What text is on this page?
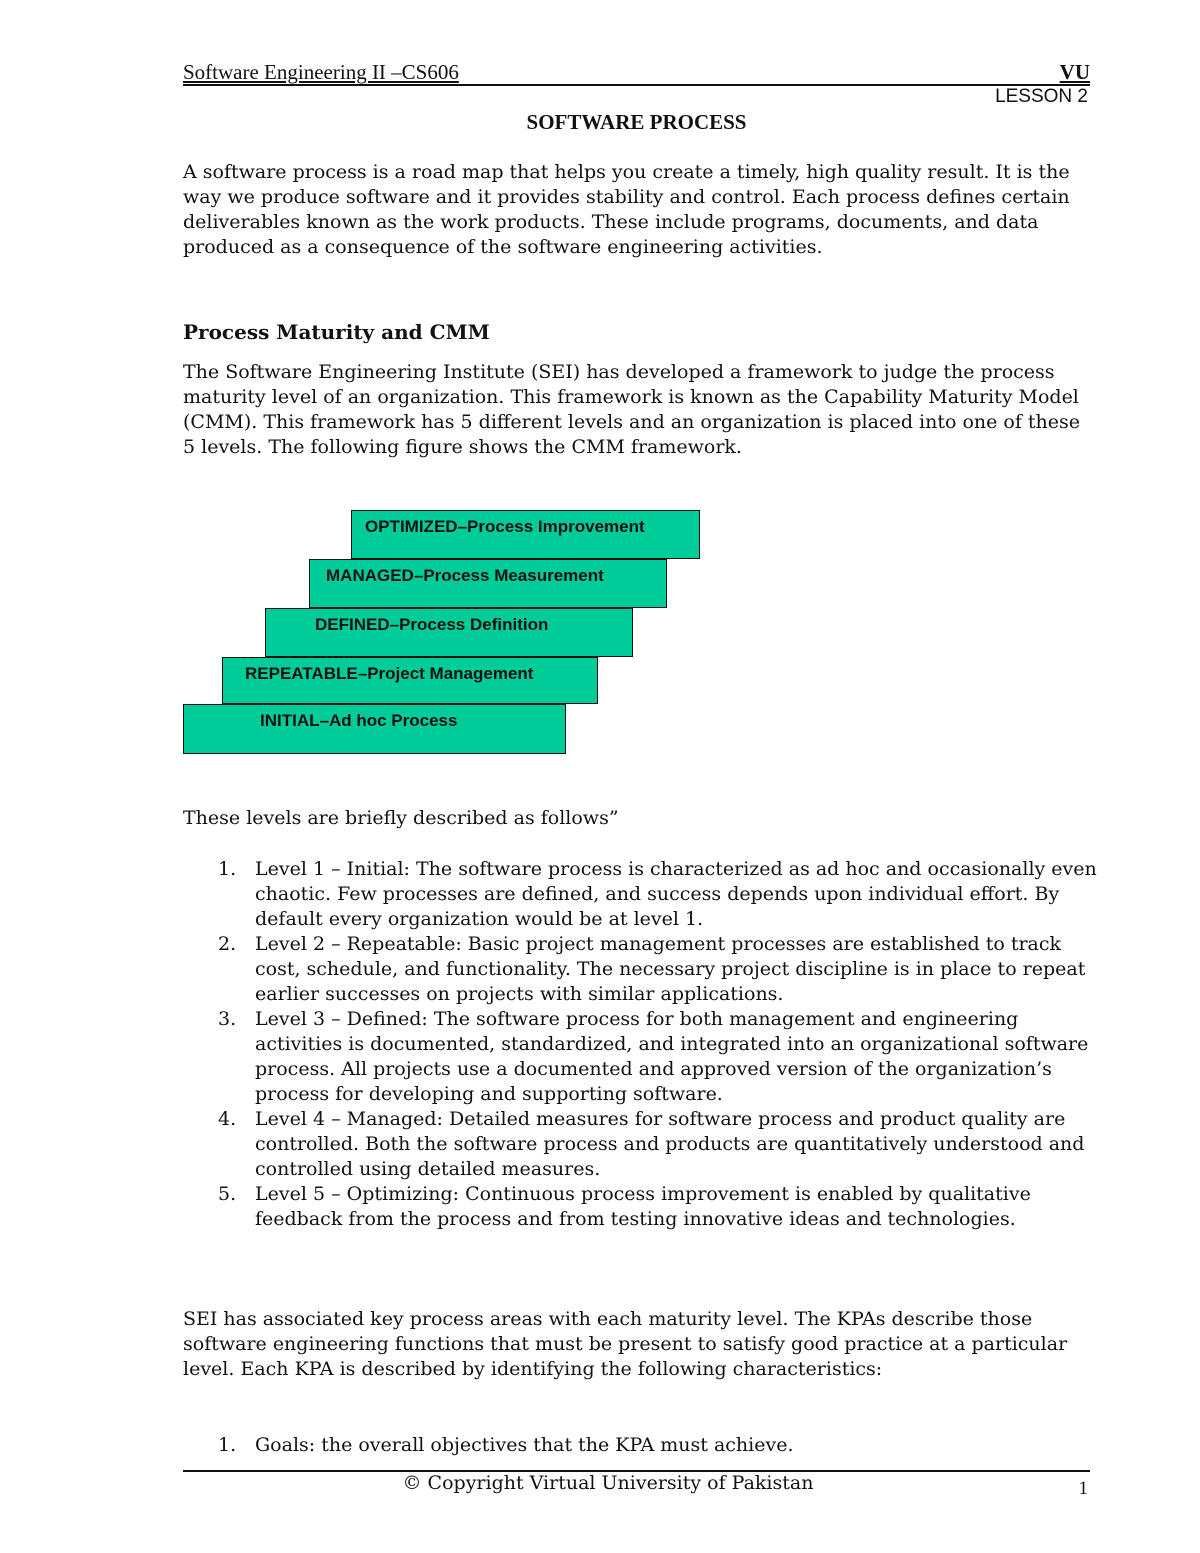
Software Engineering II –CS606	VU
LESSON 2
SOFTWARE PROCESS

A software process is a road map that helps you create a timely, high quality result. It is the way we produce software and it provides stability and control. Each process defines certain deliverables known as the work products. These include programs, documents, and data produced as a consequence of the software engineering activities.

Process Maturity and CMM

The Software Engineering Institute (SEI) has developed a framework to judge the process maturity level of an organization. This framework is known as the Capability Maturity Model (CMM). This framework has 5 different levels and an organization is placed into one of these 5 levels. The following figure shows the CMM framework.

OPTIMIZED–Process Improvement
MANAGED–Process Measurement
DEFINED–Process Definition
REPEATABLE–Project Management
INITIAL–Ad hoc Process

These levels are briefly described as follows”

1. Level 1 – Initial: The software process is characterized as ad hoc and occasionally even chaotic. Few processes are defined, and success depends upon individual effort. By default every organization would be at level 1.
2. Level 2 – Repeatable: Basic project management processes are established to track cost, schedule, and functionality. The necessary project discipline is in place to repeat earlier successes on projects with similar applications.
3. Level 3 – Defined: The software process for both management and engineering activities is documented, standardized, and integrated into an organizational software process. All projects use a documented and approved version of the organization’s process for developing and supporting software.
4. Level 4 – Managed: Detailed measures for software process and product quality are controlled. Both the software process and products are quantitatively understood and controlled using detailed measures.
5. Level 5 – Optimizing: Continuous process improvement is enabled by qualitative feedback from the process and from testing innovative ideas and technologies.

SEI has associated key process areas with each maturity level. The KPAs describe those software engineering functions that must be present to satisfy good practice at a particular level. Each KPA is described by identifying the following characteristics:

1. Goals: the overall objectives that the KPA must achieve.
© Copyright Virtual University of Pakistan	1
